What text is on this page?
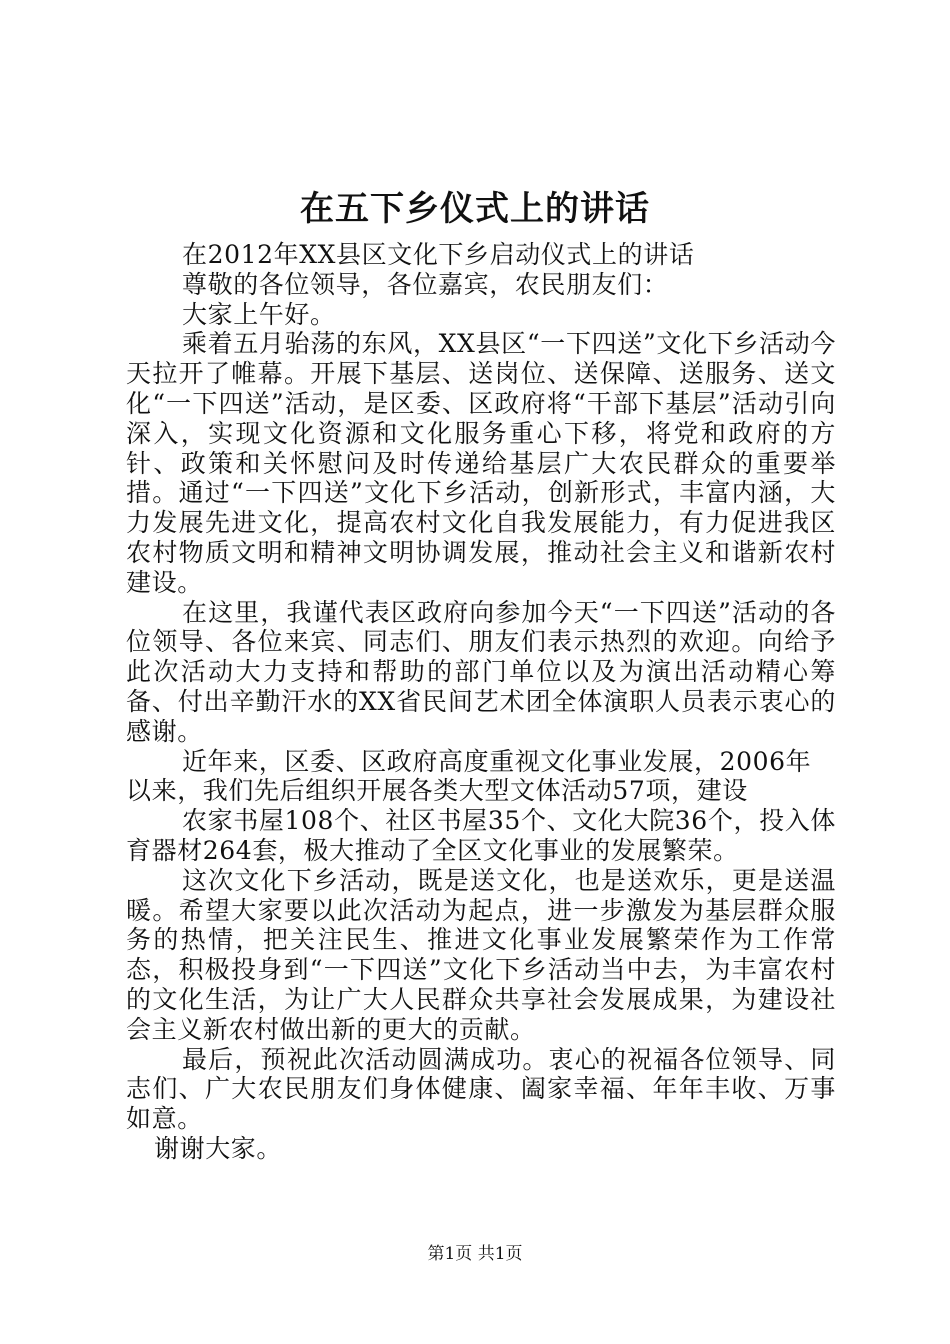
在五下乡仪式上的讲话

在2012年XX县区文化下乡启动仪式上的讲话

尊敬的各位领导，各位嘉宾，农民朋友们：

大家上午好。

乘着五月骀荡的东风，XX县区“一下四送”文化下乡活动今天拉开了帷幕。开展下基层、送岗位、送保障、送服务、送文化“一下四送”活动，是区委、区政府将“干部下基层”活动引向深入，实现文化资源和文化服务重心下移，将党和政府的方针、政策和关怀慰问及时传递给基层广大农民群众的重要举措。通过“一下四送”文化下乡活动，创新形式，丰富内涵，大力发展先进文化，提高农村文化自我发展能力，有力促进我区农村物质文明和精神文明协调发展，推动社会主义和谐新农村建设。

在这里，我谨代表区政府向参加今天“一下四送”活动的各位领导、各位来宾、同志们、朋友们表示热烈的欢迎。向给予此次活动大力支持和帮助的部门单位以及为演出活动精心筹备、付出辛勤汗水的XX省民间艺术团全体演职人员表示衷心的感谢。

近年来，区委、区政府高度重视文化事业发展，2006年以来，我们先后组织开展各类大型文体活动57项，建设

农家书屋108个、社区书屋35个、文化大院36个，投入体育器材264套，极大推动了全区文化事业的发展繁荣。

这次文化下乡活动，既是送文化，也是送欢乐，更是送温暖。希望大家要以此次活动为起点，进一步激发为基层群众服务的热情，把关注民生、推进文化事业发展繁荣作为工作常态，积极投身到“一下四送”文化下乡活动当中去，为丰富农村的文化生活，为让广大人民群众共享社会发展成果，为建设社会主义新农村做出新的更大的贡献。

最后，预祝此次活动圆满成功。衷心的祝福各位领导、同志们、广大农民朋友们身体健康、阖家幸福、年年丰收、万事如意。

谢谢大家。

第1页 共1页
